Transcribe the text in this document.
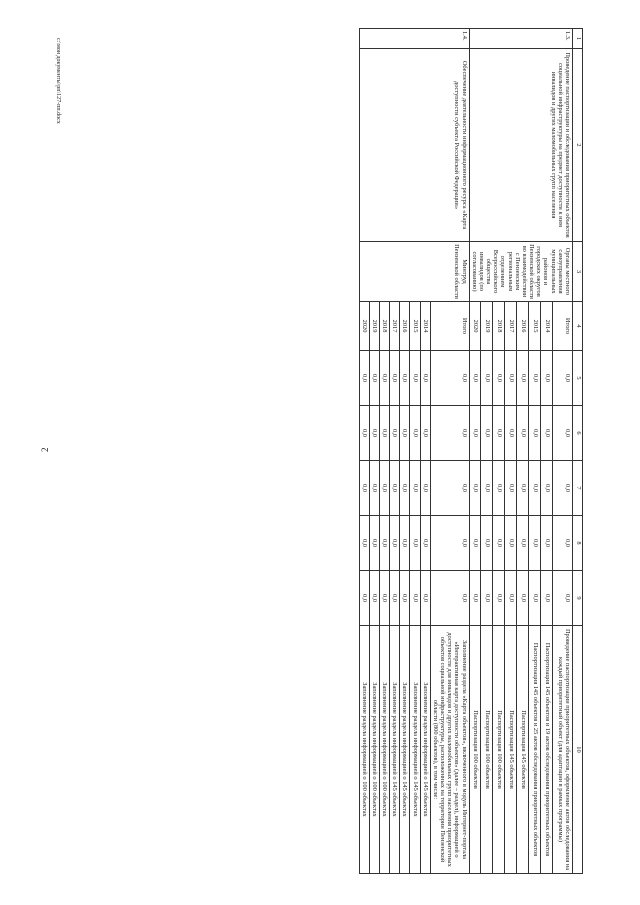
2
1	2	3	4	5	6	7	8	9	10
1.3.	Проведение паспортизации и обследования приоритетных объектов социальной инфраструктуры на предмет доступности к ним инвалидов и других маломобильных групп населения	Органы местного самоуправления муниципальных районов и городских округов Пензенской области во взаимодействии с Пензенским региональным отделением Всероссийского общества инвалидов (по согласованию)	Итого	0,0	0,0	0,0	0,0	0,0	Проведение паспортизации приоритетных объектов, оформление актов обследования на каждый приоритетный объект (для адаптации в рамках программы)
			2014	0,0	0,0	0,0	0,0	0,0	Паспортизация 145 объектов и 19 актов обследования приоритетных объектов
			2015	0,0	0,0	0,0	0,0	0,0	Паспортизация 145 объектов и 25 актов обследования приоритетных объектов
			2016	0,0	0,0	0,0	0,0	0,0	Паспортизация 145 объектов
			2017	0,0	0,0	0,0	0,0	0,0	Паспортизация 145 объектов
			2018	0,0	0,0	0,0	0,0	0,0	Паспортизация 100 объектов
			2019	0,0	0,0	0,0	0,0	0,0	Паспортизация 100 объектов
			2020	0,0	0,0	0,0	0,0	0,0	Паспортизация 100 объектов
1.4.	Обеспечение деятельности информационного ресурса «Карта доступности субъекта Российской Федерации»	Минтруд Пензенской области	Итого	0,0	0,0	0,0	0,0	0,0	Заполнение раздела «Карта объектов», включенного в модуль Интернет-портала «Интерактивная карта доступности объектов» (далее – раздел), информацией о доступности для инвалидов и других маломобильных групп населения приоритетных объектов социальной инфраструктуры, расположенных на территории Пензенской области (800 объектов), в том числе:
			2014	0,0	0,0	0,0	0,0	0,0	Заполнение раздела информацией о 145 объектах
			2015	0,0	0,0	0,0	0,0	0,0	Заполнение раздела информацией о 145 объектах
			2016	0,0	0,0	0,0	0,0	0,0	Заполнение раздела информацией о 145 объектах
			2017	0,0	0,0	0,0	0,0	0,0	Заполнение раздела информацией о 145 объектах
			2018	0,0	0,0	0,0	0,0	0,0	Заполнение раздела информацией о 100 объектах
			2019	0,0	0,0	0,0	0,0	0,0	Заполнение раздела информацией о 100 объектах
			2020	0,0	0,0	0,0	0,0	0,0	Заполнение раздела информацией о 100 объектах
c:\мои документы\рп\127-пп.docx
